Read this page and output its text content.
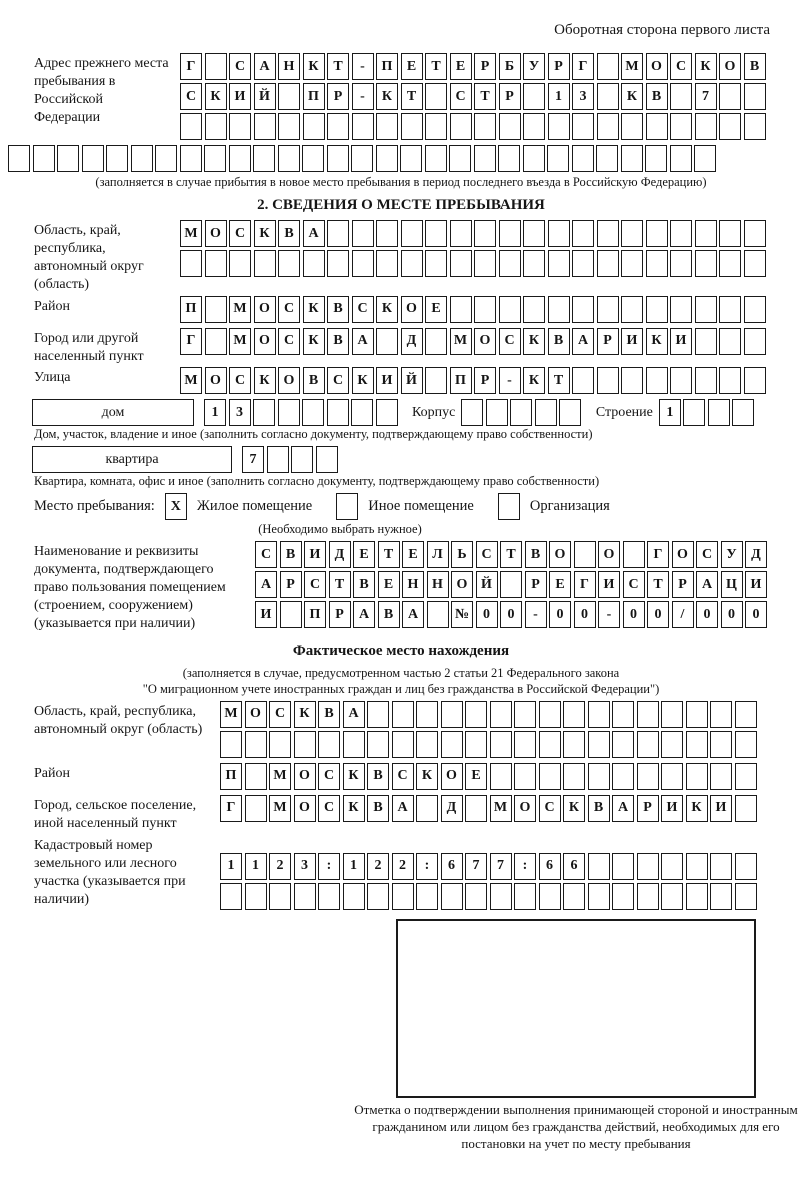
Оборотная сторона первого листа
Адрес прежнего места пребывания в Российской Федерации
Г	С	А Н К	Т	-	П	Е	Т	Е	Р	Б	У	Р	Г	М О	С	К О	В
С	К И Й	П	Р	-	К	Т	С	Т	Р	1	3	К	В	7
(заполняется в случае прибытия в новое место пребывания в период последнего въезда в Российскую Федерацию)
2. СВЕДЕНИЯ О МЕСТЕ ПРЕБЫВАНИЯ
Область, край, республика, автономный округ (область)
М О	С	К	В	А
Район	П	М О	С	К	В	С	К О	Е
Город или другой населенный пункт
Г	М О	С	К	В	А	Д	М О	С	К	В	А	Р	И К И
Улица	М О	С	К О	В	С	К И Й	П	Р	-	К	Т
дом	1	3	Корпус	Строение 1
Дом, участок, владение и иное (заполнить согласно документу, подтверждающему право собственности)
квартира	7
Квартира, комната, офис и иное (заполнить согласно документу, подтверждающему право собственности)
Место пребывания:	X	Жилое помещение	Иное помещение	Организация
(Необходимо выбрать нужное)
Наименование и реквизиты документа, подтверждающего право пользования помещением (строением, сооружением) (указывается при наличии)
С	В	И	Д	Е	Т	Е	Л	Ь	С	Т	В	О	О	Г	О	С	У	Д
А	Р	С	Т	В	Е	Н Н О Й	Р	Е	Г	И	С	Т	Р	А Ц И
И	П	Р	А	В	А	№ 0	0	-	0	0	-	0	0	/	0	0	0
Фактическое место нахождения
(заполняется в случае, предусмотренном частью 2 статьи 21 Федерального закона
"О миграционном учете иностранных граждан и лиц без гражданства в Российской Федерации")
Область, край, республика, автономный округ (область)
М О	С	К	В	А
Район	П	М О	С	К	В	С	К О	Е
Город, сельское поселение, иной населенный пункт
Г	М О	С	К	В	А	Д	М О	С	К	В	А	Р	И К И
Кадастровый номер земельного или лесного участка (указывается при наличии)
1	1	2	3	:	1	2	2	:	6	7	7	:	6	6
Отметка о подтверждении выполнения принимающей стороной и иностранным гражданином или лицом без гражданства действий, необходимых для его постановки на учет по месту пребывания
